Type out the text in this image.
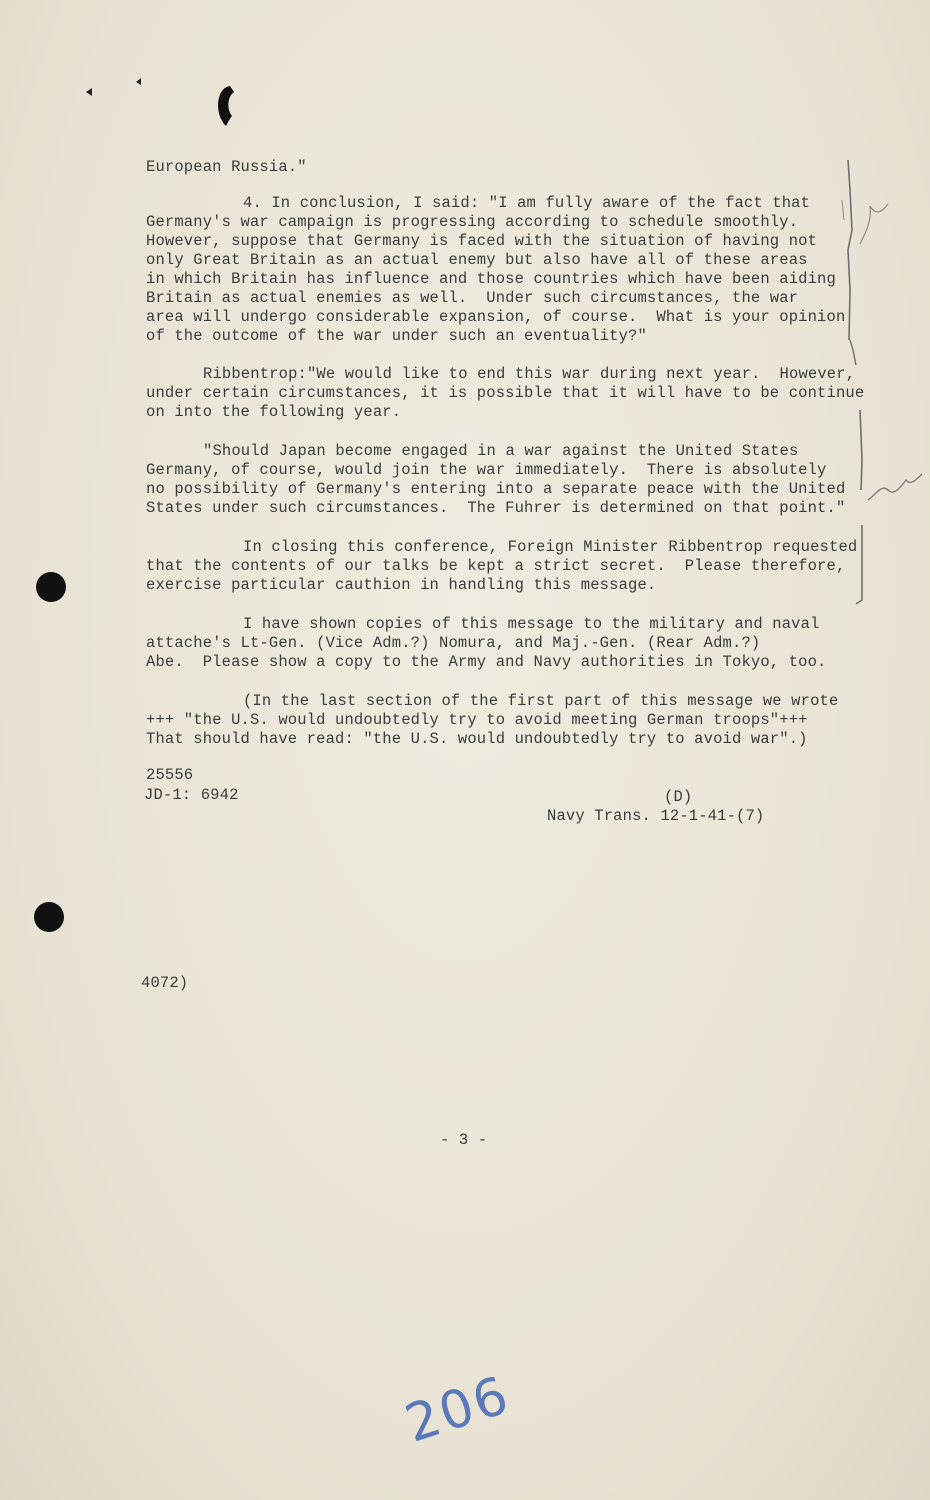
European Russia."
4. In conclusion, I said: "I am fully aware of the fact that
Germany's war campaign is progressing according to schedule smoothly.
However, suppose that Germany is faced with the situation of having not
only Great Britain as an actual enemy but also have all of these areas
in which Britain has influence and those countries which have been aiding
Britain as actual enemies as well.  Under such circumstances, the war
area will undergo considerable expansion, of course.  What is your opinion
of the outcome of the war under such an eventuality?"
Ribbentrop:"We would like to end this war during next year.  However,
under certain circumstances, it is possible that it will have to be continue
on into the following year.
"Should Japan become engaged in a war against the United States
Germany, of course, would join the war immediately.  There is absolutely
no possibility of Germany's entering into a separate peace with the United
States under such circumstances.  The Fuhrer is determined on that point."
In closing this conference, Foreign Minister Ribbentrop requested
that the contents of our talks be kept a strict secret.  Please therefore,
exercise particular cauthion in handling this message.
I have shown copies of this message to the military and naval
attache's Lt-Gen. (Vice Adm.?) Nomura, and Maj.-Gen. (Rear Adm.?)
Abe.  Please show a copy to the Army and Navy authorities in Tokyo, too.
(In the last section of the first part of this message we wrote
+++ "the U.S. would undoubtedly try to avoid meeting German troops"+++
That should have read: "the U.S. would undoubtedly try to avoid war".)
25556
JD-1: 6942	(D)
Navy Trans. 12-1-41-(7)
4072)
- 3 -
206
